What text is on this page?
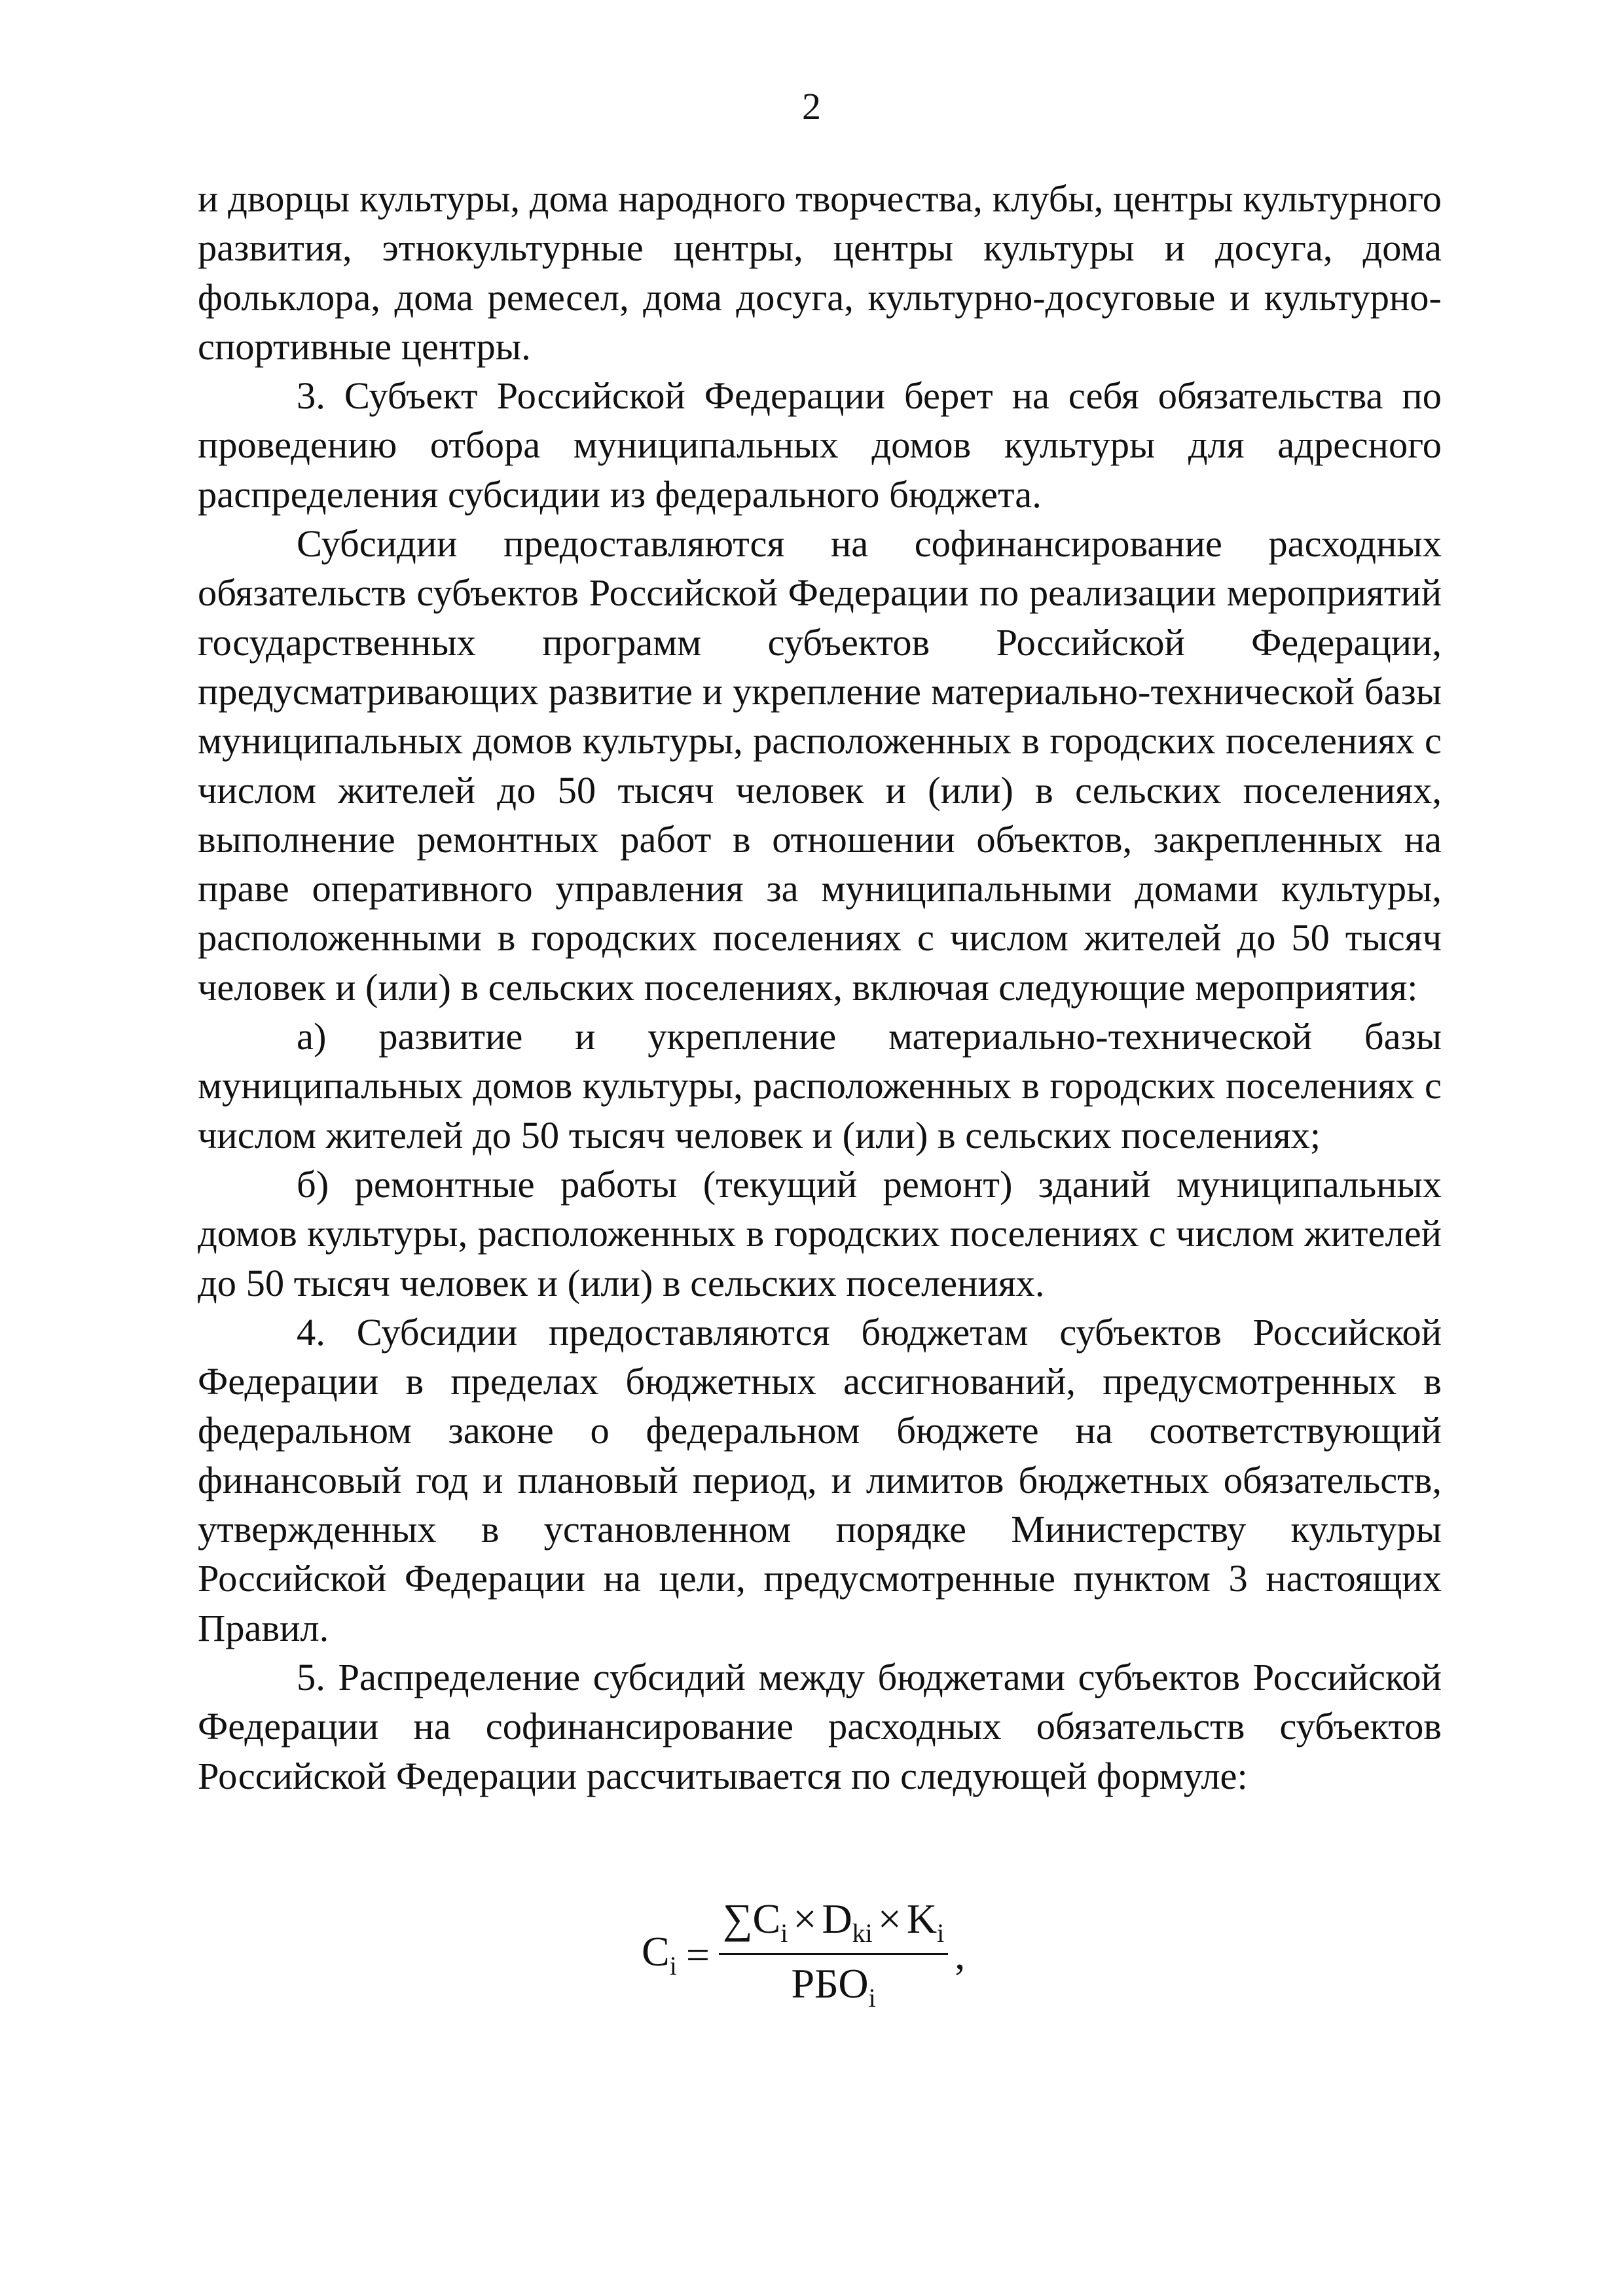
2

и дворцы культуры, дома народного творчества, клубы, центры культурного развития, этнокультурные центры, центры культуры и досуга, дома фольклора, дома ремесел, дома досуга, культурно-досуговые и культурно-спортивные центры.

3. Субъект Российской Федерации берет на себя обязательства по проведению отбора муниципальных домов культуры для адресного распределения субсидии из федерального бюджета.

Субсидии предоставляются на софинансирование расходных обязательств субъектов Российской Федерации по реализации мероприятий государственных программ субъектов Российской Федерации, предусматривающих развитие и укрепление материально-технической базы муниципальных домов культуры, расположенных в городских поселениях с числом жителей до 50 тысяч человек и (или) в сельских поселениях, выполнение ремонтных работ в отношении объектов, закрепленных на праве оперативного управления за муниципальными домами культуры, расположенными в городских поселениях с числом жителей до 50 тысяч человек и (или) в сельских поселениях, включая следующие мероприятия:

а) развитие и укрепление материально-технической базы муниципальных домов культуры, расположенных в городских поселениях с числом жителей до 50 тысяч человек и (или) в сельских поселениях;

б) ремонтные работы (текущий ремонт) зданий муниципальных домов культуры, расположенных в городских поселениях с числом жителей до 50 тысяч человек и (или) в сельских поселениях.

4. Субсидии предоставляются бюджетам субъектов Российской Федерации в пределах бюджетных ассигнований, предусмотренных в федеральном законе о федеральном бюджете на соответствующий финансовый год и плановый период, и лимитов бюджетных обязательств, утвержденных в установленном порядке Министерству культуры Российской Федерации на цели, предусмотренные пунктом 3 настоящих Правил.

5. Распределение субсидий между бюджетами субъектов Российской Федерации на софинансирование расходных обязательств субъектов Российской Федерации рассчитывается по следующей формуле:

$C_i = \frac{\sum C_i \times D_{ki} \times K_i}{РБО_i}$ ,
